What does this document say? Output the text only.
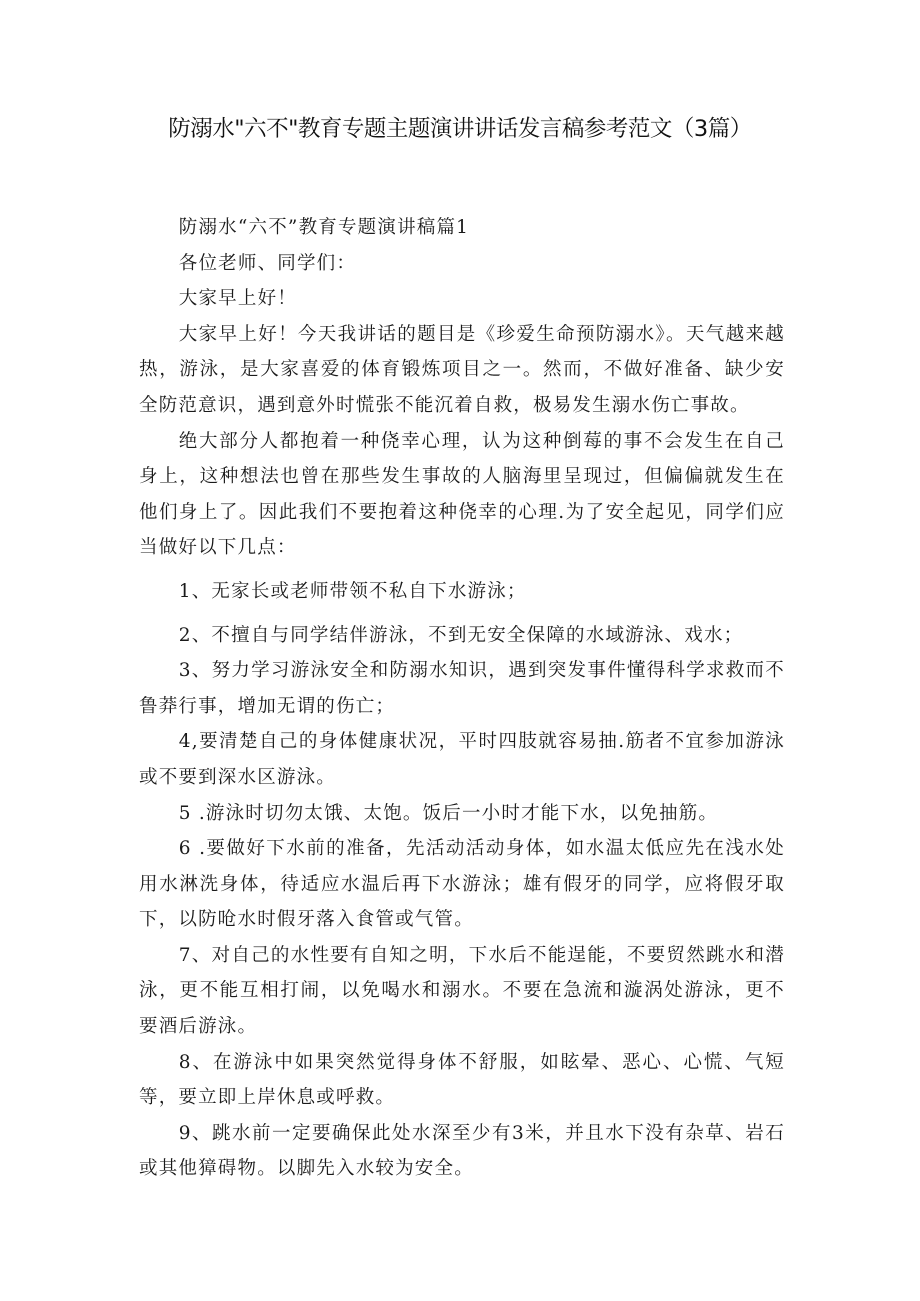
防溺水"六不"教育专题主题演讲讲话发言稿参考范文（3篇）

防溺水“六不”教育专题演讲稿篇1

各位老师、同学们：

大家早上好！

大家早上好！今天我讲话的题目是《珍爱生命预防溺水》。天气越来越热，游泳，是大家喜爱的体育锻炼项目之一。然而，不做好准备、缺少安全防范意识，遇到意外时慌张不能沉着自救，极易发生溺水伤亡事故。

绝大部分人都抱着一种侥幸心理，认为这种倒莓的事不会发生在自己身上，这种想法也曾在那些发生事故的人脑海里呈现过，但偏偏就发生在他们身上了。因此我们不要抱着这种侥幸的心理.为了安全起见，同学们应当做好以下几点：

1、无家长或老师带领不私自下水游泳；

2、不擅自与同学结伴游泳，不到无安全保障的水域游泳、戏水；

3、努力学习游泳安全和防溺水知识，遇到突发事件懂得科学求救而不鲁莽行事，增加无谓的伤亡；

4,要清楚自己的身体健康状况，平时四肢就容易抽.筋者不宜参加游泳或不要到深水区游泳。

5 .游泳时切勿太饿、太饱。饭后一小时才能下水，以免抽筋。

6 .要做好下水前的准备，先活动活动身体，如水温太低应先在浅水处用水淋洗身体，待适应水温后再下水游泳；雄有假牙的同学，应将假牙取下，以防呛水时假牙落入食管或气管。

7、对自己的水性要有自知之明，下水后不能逞能，不要贸然跳水和潜泳，更不能互相打闹，以免喝水和溺水。不要在急流和漩涡处游泳，更不要酒后游泳。

8、在游泳中如果突然觉得身体不舒服，如眩晕、恶心、心慌、气短等，要立即上岸休息或呼救。

9、跳水前一定要确保此处水深至少有3米，并且水下没有杂草、岩石或其他獐碍物。以脚先入水较为安全。
